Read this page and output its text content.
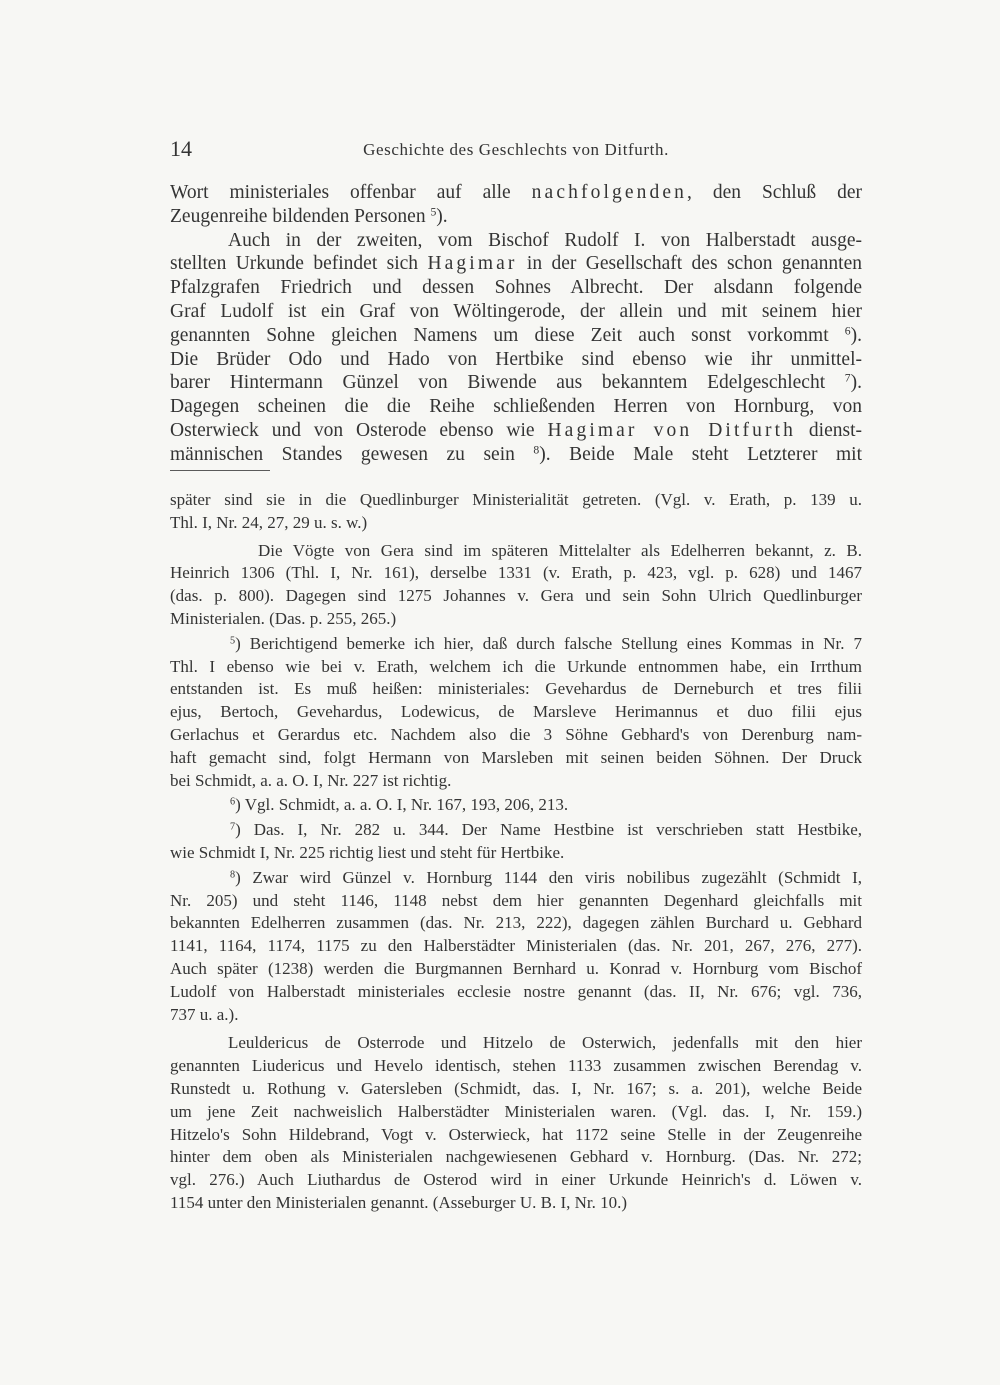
14	Geschichte des Geschlechts von Ditfurth.
Wort ministeriales offenbar auf alle nachfolgenden, den Schluß der
Zeugenreihe bildenden Personen $^5$).
Auch in der zweiten, vom Bischof Rudolf I. von Halberstadt ausge-
stellten Urkunde befindet sich Hagimar in der Gesellschaft des schon genannten
Pfalzgrafen Friedrich und dessen Sohnes Albrecht. Der alsdann folgende
Graf Ludolf ist ein Graf von Wöltingerode, der allein und mit seinem hier
genannten Sohne gleichen Namens um diese Zeit auch sonst vorkommt $^6$).
Die Brüder Odo und Hado von Hertbike sind ebenso wie ihr unmittel-
barer Hintermann Günzel von Biwende aus bekanntem Edelgeschlecht $^7$).
Dagegen scheinen die die Reihe schließenden Herren von Hornburg, von
Osterwieck und von Osterode ebenso wie Hagimar von Ditfurth dienst-
männischen Standes gewesen zu sein $^8$). Beide Male steht Letzterer mit
später sind sie in die Quedlinburger Ministerialität getreten. (Vgl. v. Erath, p. 139 u.
Thl. I, Nr. 24, 27, 29 u. s. w.)
Die Vögte von Gera sind im späteren Mittelalter als Edelherren bekannt, z. B.
Heinrich 1306 (Thl. I, Nr. 161), derselbe 1331 (v. Erath, p. 423, vgl. p. 628) und 1467
(das. p. 800). Dagegen sind 1275 Johannes v. Gera und sein Sohn Ulrich Quedlinburger
Ministerialen. (Das. p. 255, 265.)
$^5$) Berichtigend bemerke ich hier, daß durch falsche Stellung eines Kommas in Nr. 7
Thl. I ebenso wie bei v. Erath, welchem ich die Urkunde entnommen habe, ein Irrthum
entstanden ist. Es muß heißen: ministeriales: Gevehardus de Derneburch et tres filii
ejus, Bertoch, Gevehardus, Lodewicus, de Marsleve Herimannus et duo filii ejus
Gerlachus et Gerardus etc. Nachdem also die 3 Söhne Gebhard's von Derenburg nam-
haft gemacht sind, folgt Hermann von Marsleben mit seinen beiden Söhnen. Der Druck
bei Schmidt, a. a. O. I, Nr. 227 ist richtig.
$^6$) Vgl. Schmidt, a. a. O. I, Nr. 167, 193, 206, 213.
$^7$) Das. I, Nr. 282 u. 344. Der Name Hestbine ist verschrieben statt Hestbike,
wie Schmidt I, Nr. 225 richtig liest und steht für Hertbike.
$^8$) Zwar wird Günzel v. Hornburg 1144 den viris nobilibus zugezählt (Schmidt I,
Nr. 205) und steht 1146, 1148 nebst dem hier genannten Degenhard gleichfalls mit
bekannten Edelherren zusammen (das. Nr. 213, 222), dagegen zählen Burchard u. Gebhard
1141, 1164, 1174, 1175 zu den Halberstädter Ministerialen (das. Nr. 201, 267, 276, 277).
Auch später (1238) werden die Burgmannen Bernhard u. Konrad v. Hornburg vom Bischof
Ludolf von Halberstadt ministeriales ecclesie nostre genannt (das. II, Nr. 676; vgl. 736,
737 u. a.).
Leuldericus de Osterrode und Hitzelo de Osterwich, jedenfalls mit den hier
genannten Liudericus und Hevelo identisch, stehen 1133 zusammen zwischen Berendag v.
Runstedt u. Rothung v. Gatersleben (Schmidt, das. I, Nr. 167; s. a. 201), welche Beide
um jene Zeit nachweislich Halberstädter Ministerialen waren. (Vgl. das. I, Nr. 159.)
Hitzelo's Sohn Hildebrand, Vogt v. Osterwieck, hat 1172 seine Stelle in der Zeugenreihe
hinter dem oben als Ministerialen nachgewiesenen Gebhard v. Hornburg. (Das. Nr. 272;
vgl. 276.) Auch Liuthardus de Osterod wird in einer Urkunde Heinrich's d. Löwen v.
1154 unter den Ministerialen genannt. (Asseburger U. B. I, Nr. 10.)
